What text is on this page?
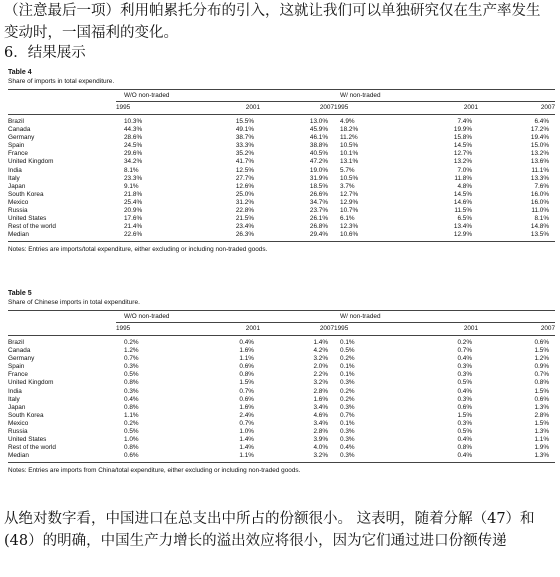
（注意最后一项）利用帕累托分布的引入，这就让我们可以单独研究仅在生产率发生变动时，一国福利的变化。

6．结果展示

Table 4
Share of imports in total expenditure.
	W/O non-traded			W/ non-traded		
	1995	2001	2007	1995	2001	2007

Brazil	10.3%	15.5%	13.0%	4.9%	7.4%	6.4%
Canada	44.3%	49.1%	45.9%	18.2%	19.9%	17.2%
Germany	28.6%	38.7%	46.1%	11.2%	15.8%	19.4%
Spain	24.5%	33.3%	38.8%	10.5%	14.5%	15.0%
France	29.6%	35.2%	40.5%	10.1%	12.7%	13.2%
United Kingdom	34.2%	41.7%	47.2%	13.1%	13.2%	13.6%
India	8.1%	12.5%	19.0%	5.7%	7.0%	11.1%
Italy	23.3%	27.7%	31.9%	10.5%	11.8%	13.3%
Japan	9.1%	12.6%	18.5%	3.7%	4.8%	7.6%
South Korea	21.8%	25.0%	26.6%	12.7%	14.5%	16.0%
Mexico	25.4%	31.2%	34.7%	12.9%	14.6%	16.0%
Russia	20.9%	22.8%	23.7%	10.7%	11.5%	11.0%
United States	17.6%	21.5%	26.1%	6.1%	6.5%	8.1%
Rest of the world	21.4%	23.4%	26.8%	12.3%	13.4%	14.8%
Median	22.6%	26.3%	29.4%	10.6%	12.9%	13.5%

Notes: Entries are imports/total expenditure, either excluding or including non-traded goods.
Table 5
Share of Chinese imports in total expenditure.
	W/O non-traded			W/ non-traded		
	1995	2001	2007	1995	2001	2007

Brazil	0.2%	0.4%	1.4%	0.1%	0.2%	0.6%
Canada	1.2%	1.6%	4.2%	0.5%	0.7%	1.5%
Germany	0.7%	1.1%	3.2%	0.2%	0.4%	1.2%
Spain	0.3%	0.6%	2.0%	0.1%	0.3%	0.9%
France	0.5%	0.8%	2.2%	0.1%	0.3%	0.7%
United Kingdom	0.8%	1.5%	3.2%	0.3%	0.5%	0.8%
India	0.3%	0.7%	2.8%	0.2%	0.4%	1.5%
Italy	0.4%	0.6%	1.6%	0.2%	0.3%	0.6%
Japan	0.8%	1.6%	3.4%	0.3%	0.6%	1.3%
South Korea	1.1%	2.4%	4.6%	0.7%	1.5%	2.8%
Mexico	0.2%	0.7%	3.4%	0.1%	0.3%	1.5%
Russia	0.5%	1.0%	2.8%	0.3%	0.5%	1.3%
United States	1.0%	1.4%	3.9%	0.3%	0.4%	1.1%
Rest of the world	0.8%	1.4%	4.0%	0.4%	0.8%	1.9%
Median	0.6%	1.1%	3.2%	0.3%	0.4%	1.3%

Notes: Entries are imports from China/total expenditure, either excluding or including non-traded goods.

从绝对数字看，中国进口在总支出中所占的份额很小。 这表明，随着分解（47）和(48）的明确，中国生产力增长的溢出效应将很小，因为它们通过进口份额传递
